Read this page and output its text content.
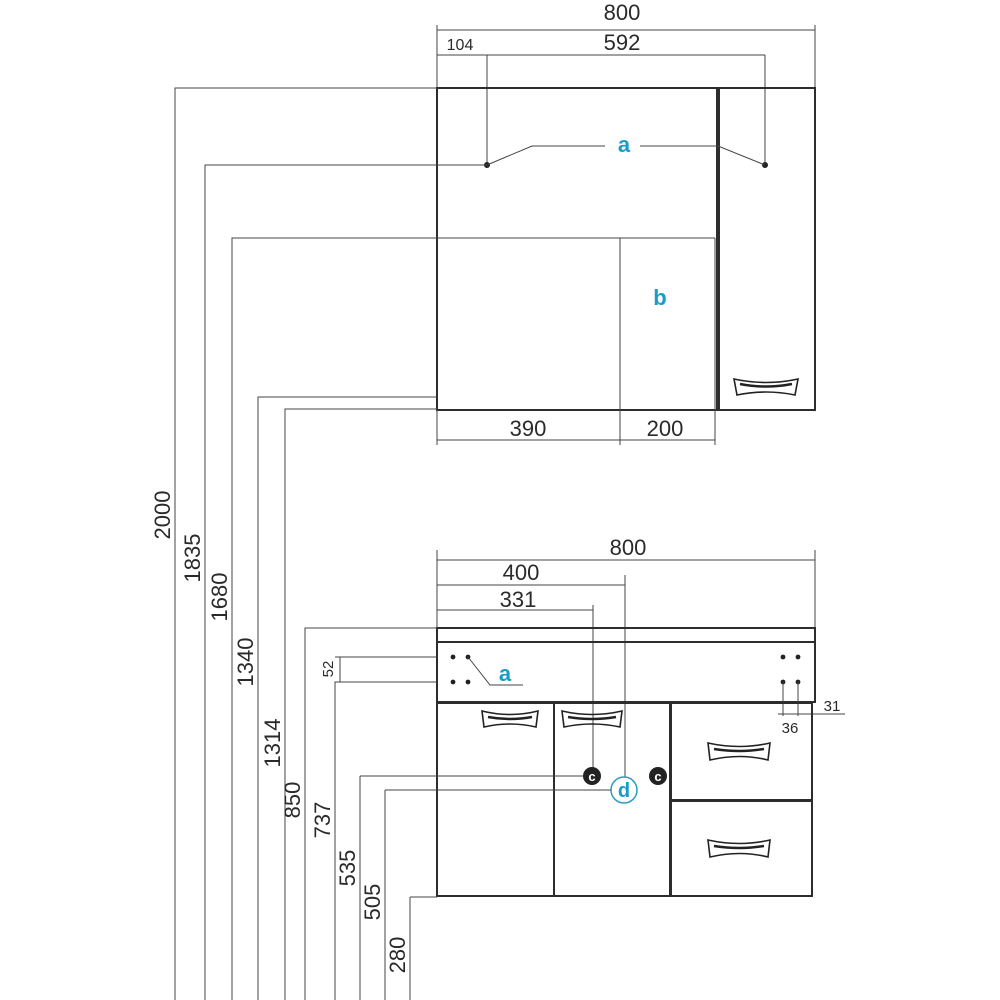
800
104	592
b
a
390	200
800
400
331
a
36
31
52
c	c
d
2000
1835
1680
1340
1314
850
737
535
505
280
